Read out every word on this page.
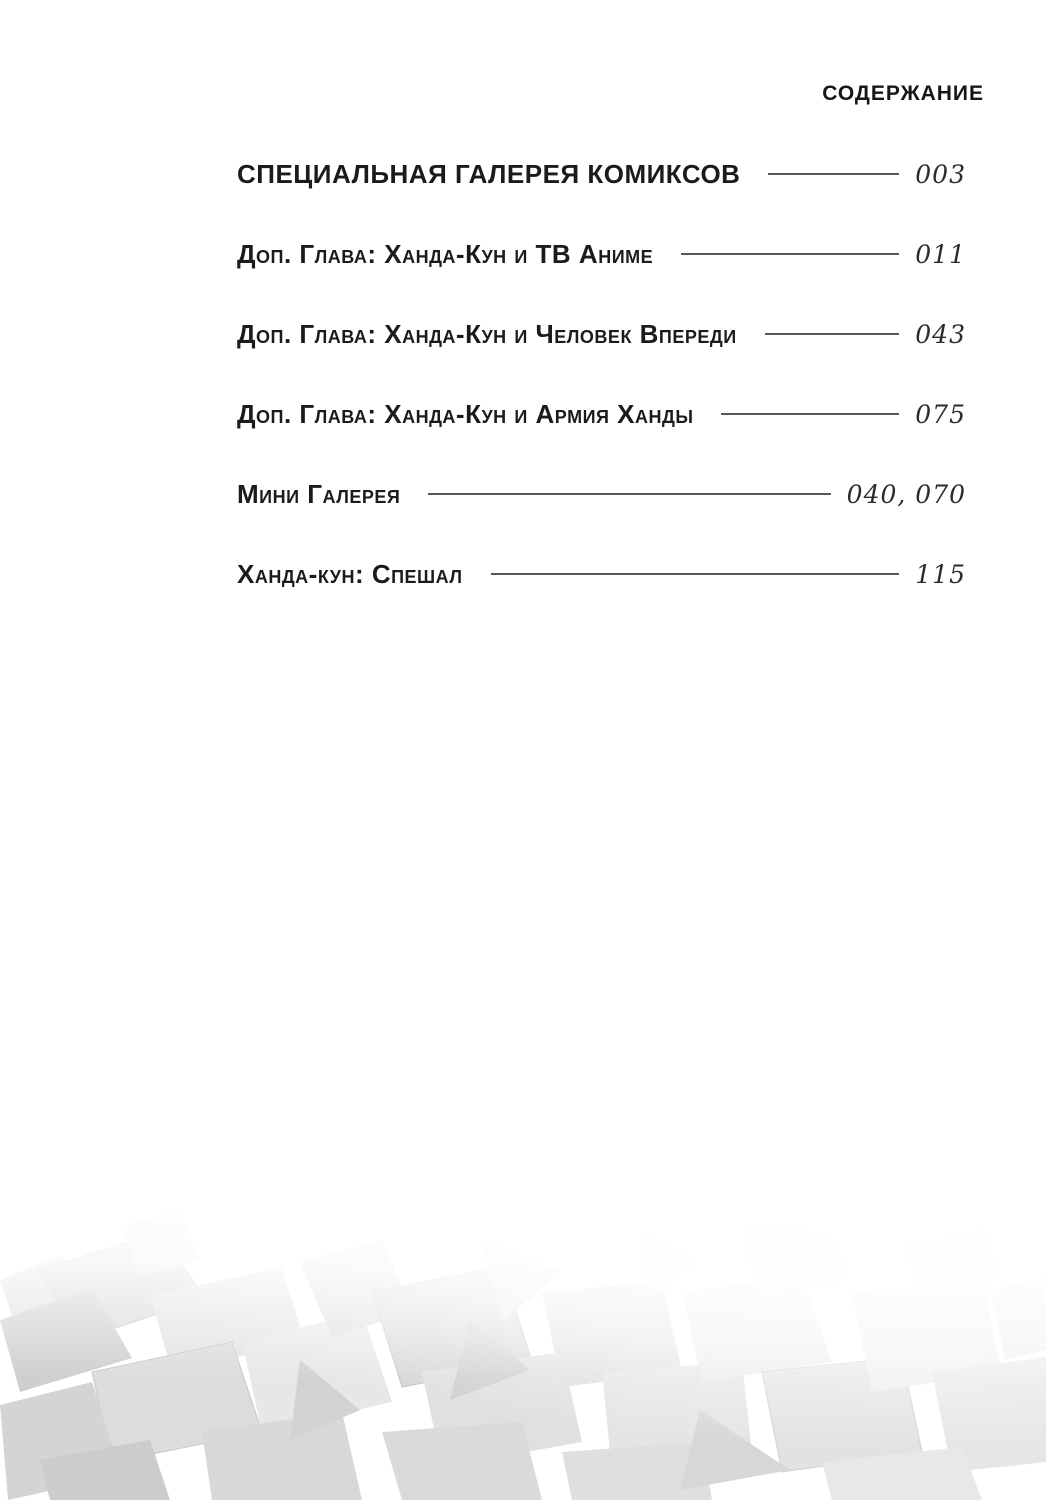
СОДЕРЖАНИЕ
СПЕЦИАЛЬНАЯ ГАЛЕРЕЯ КОМИКСОВ	003
Доп. Глава: Ханда-Кун и ТВ Аниме	011
Доп. Глава: Ханда-Кун и Человек Впереди	043
Доп. Глава: Ханда-Кун и Армия Ханды	075
Мини Галерея	040, 070
Ханда-кун: Спешал	115
